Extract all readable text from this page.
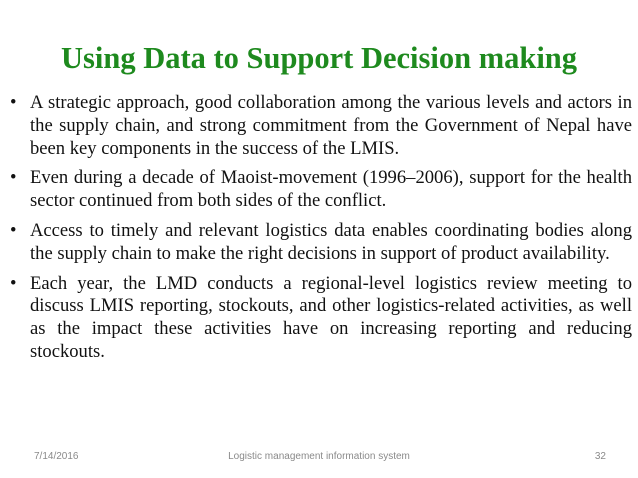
Using Data to Support Decision making
• A strategic approach, good collaboration among the various levels and actors in the supply chain, and strong commitment from the Government of Nepal have been key components in the success of the LMIS.
• Even during a decade of Maoist-movement (1996–2006), support for the health sector continued from both sides of the conflict.
• Access to timely and relevant logistics data enables coordinating bodies along the supply chain to make the right decisions in support of product availability.
• Each year, the LMD conducts a regional-level logistics review meeting to discuss LMIS reporting, stockouts, and other logistics-related activities, as well as the impact these activities have on increasing reporting and reducing stockouts.
7/14/2016	Logistic management information system	32
